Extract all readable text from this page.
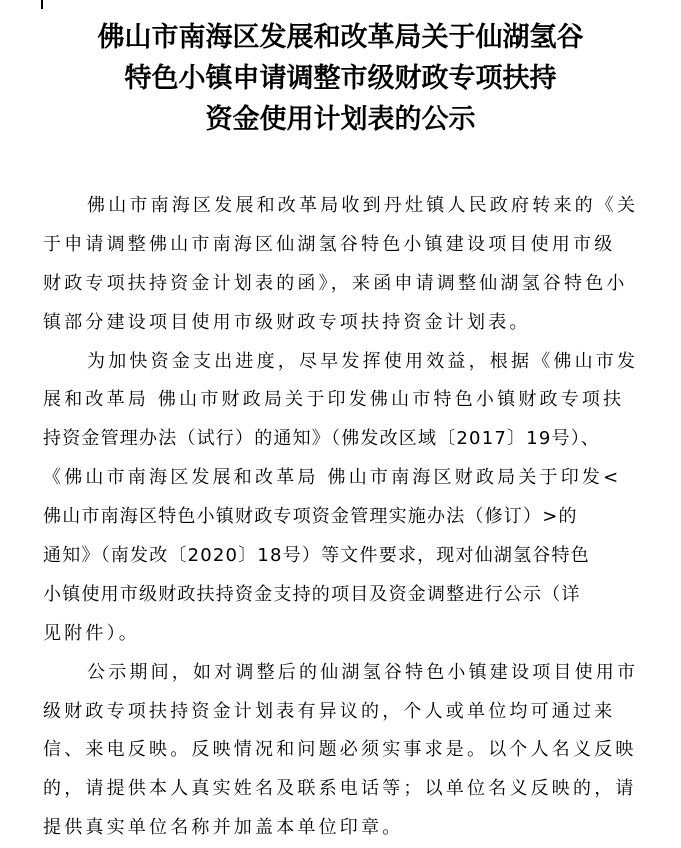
佛山市南海区发展和改革局关于仙湖氢谷
特色小镇申请调整市级财政专项扶持
资金使用计划表的公示
佛山市南海区发展和改革局收到丹灶镇人民政府转来的《关
于申请调整佛山市南海区仙湖氢谷特色小镇建设项目使用市级
财政专项扶持资金计划表的函》，来函申请调整仙湖氢谷特色小
镇部分建设项目使用市级财政专项扶持资金计划表。
为加快资金支出进度，尽早发挥使用效益，根据《佛山市发
展和改革局 佛山市财政局关于印发佛山市特色小镇财政专项扶
持资金管理办法（试行）的通知》（佛发改区域〔2017〕19号）、
《佛山市南海区发展和改革局 佛山市南海区财政局关于印发<
佛山市南海区特色小镇财政专项资金管理实施办法（修订）>的
通知》（南发改〔2020〕18号）等文件要求，现对仙湖氢谷特色
小镇使用市级财政扶持资金支持的项目及资金调整进行公示（详
见附件）。
公示期间，如对调整后的仙湖氢谷特色小镇建设项目使用市
级财政专项扶持资金计划表有异议的，个人或单位均可通过来
信、来电反映。反映情况和问题必须实事求是。以个人名义反映
的，请提供本人真实姓名及联系电话等；以单位名义反映的，请
提供真实单位名称并加盖本单位印章。
